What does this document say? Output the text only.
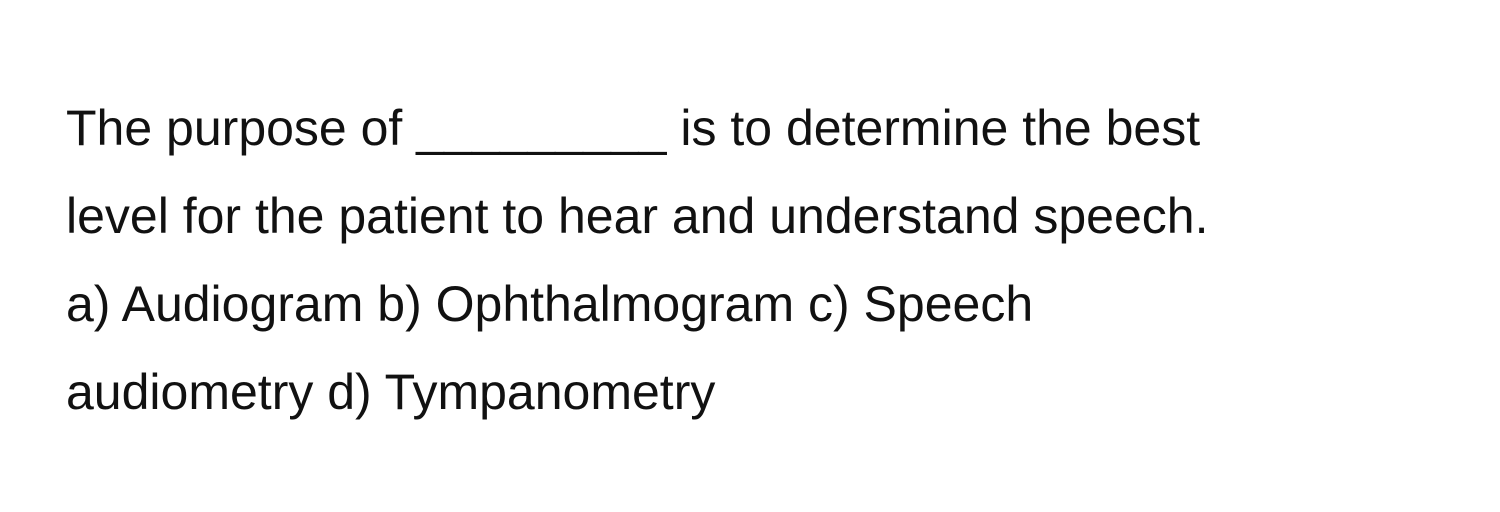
The purpose of _________ is to determine the best
level for the patient to hear and understand speech.
a) Audiogram b) Ophthalmogram c) Speech
audiometry d) Tympanometry
